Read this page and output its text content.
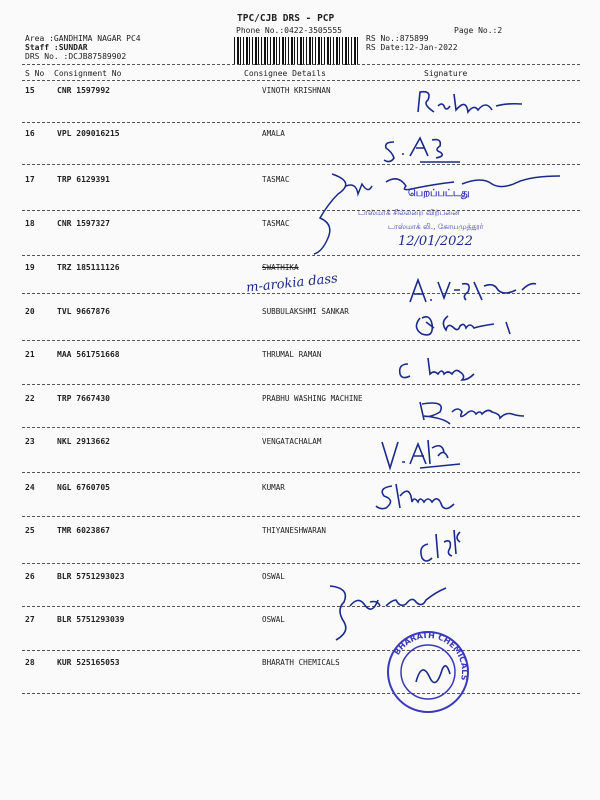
TPC/CJB DRS - PCP
Phone No.:0422-3505555	Page No.:2
Area :GANDHIMA NAGAR PC4
Staff :SUNDAR
DRS No. :DCJB87589902
RS No.:875899
RS Date:12-Jan-2022
S No Consignment No	Consignee Details	Signature
15	CNR 1597992	VINOTH KRISHNAN
16	VPL 209016215	AMALA
17	TRP 6129391	TASMAC
18	CNR 1597327	TASMAC
19	TRZ 185111126	SWATHIKA
20	TVL 9667876	SUBBULAKSHMI SANKAR
21	MAA 561751668	THRUMAL RAMAN
22	TRP 7667430	PRABHU WASHING MACHINE
23	NKL 2913662	VENGATACHALAM
24	NGL 6760705	KUMAR
25	TMR 6023867	THIYANESHWARAN
26	BLR 5751293023	OSWAL
27	BLR 5751293039	OSWAL
28	KUR 525165053	BHARATH CHEMICALS
m-arokia dass
பெறப்பட்டது
டாஸ்மாக் சில்லறை விற்பனை
டாஸ்மாக் லி., கோயமுத்தூர்
12/01/2022
BHARATH CHEMICALS
